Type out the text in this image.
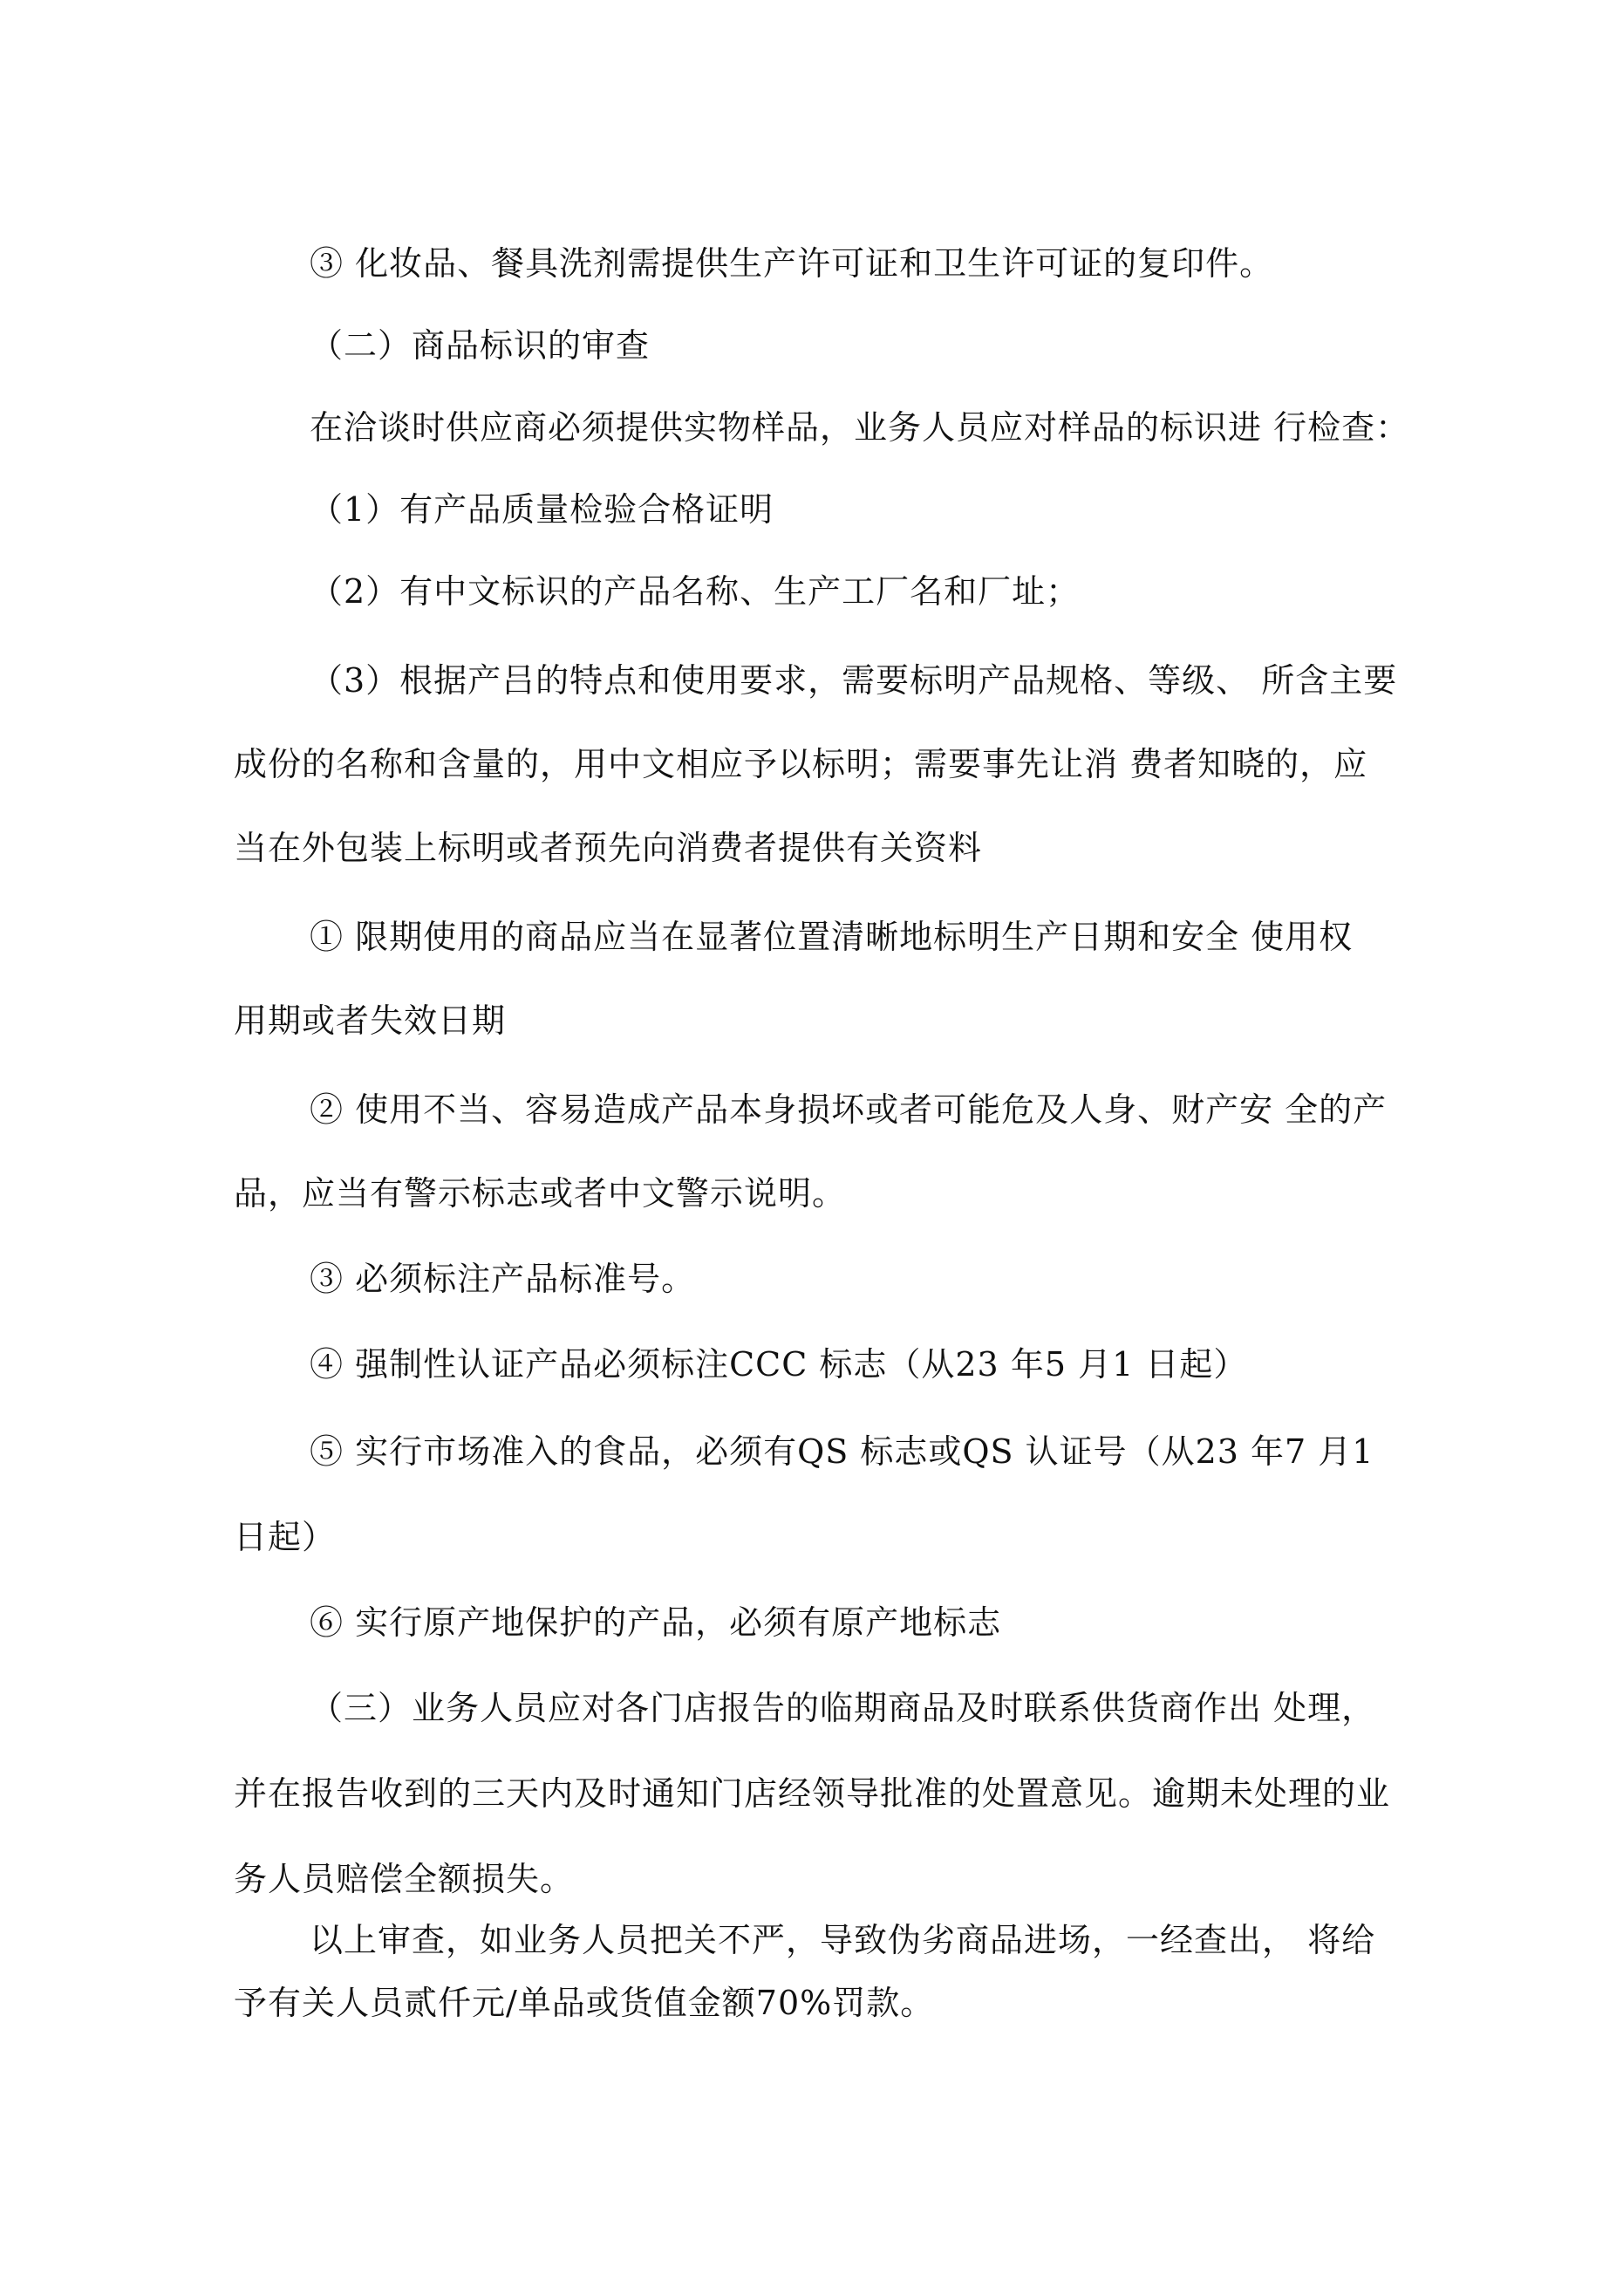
③ 化妆品、餐具洗剂需提供生产许可证和卫生许可证的复印件。
（二）商品标识的审查
在洽谈时供应商必须提供实物样品，业务人员应对样品的标识进 行检查：
（1）有产品质量检验合格证明
（2）有中文标识的产品名称、生产工厂名和厂址；
（3）根据产吕的特点和使用要求，需要标明产品规格、等级、 所含主要
成份的名称和含量的，用中文相应予以标明；需要事先让消 费者知晓的，应
当在外包装上标明或者预先向消费者提供有关资料
① 限期使用的商品应当在显著位置清晰地标明生产日期和安全 使用权
用期或者失效日期
② 使用不当、容易造成产品本身损坏或者可能危及人身、财产安 全的产
品，应当有警示标志或者中文警示说明。
③ 必须标注产品标准号。
④ 强制性认证产品必须标注CCC 标志（从23 年5 月1 日起）
⑤ 实行市场准入的食品，必须有QS 标志或QS 认证号（从23 年7 月1
日起）
⑥ 实行原产地保护的产品，必须有原产地标志
（三）业务人员应对各门店报告的临期商品及时联系供货商作出 处理，
并在报告收到的三天内及时通知门店经领导批准的处置意见。逾期未处理的业
务人员赔偿全额损失。
以上审查，如业务人员把关不严，导致伪劣商品进场，一经查出， 将给
予有关人员贰仟元/单品或货值金额70%罚款。
